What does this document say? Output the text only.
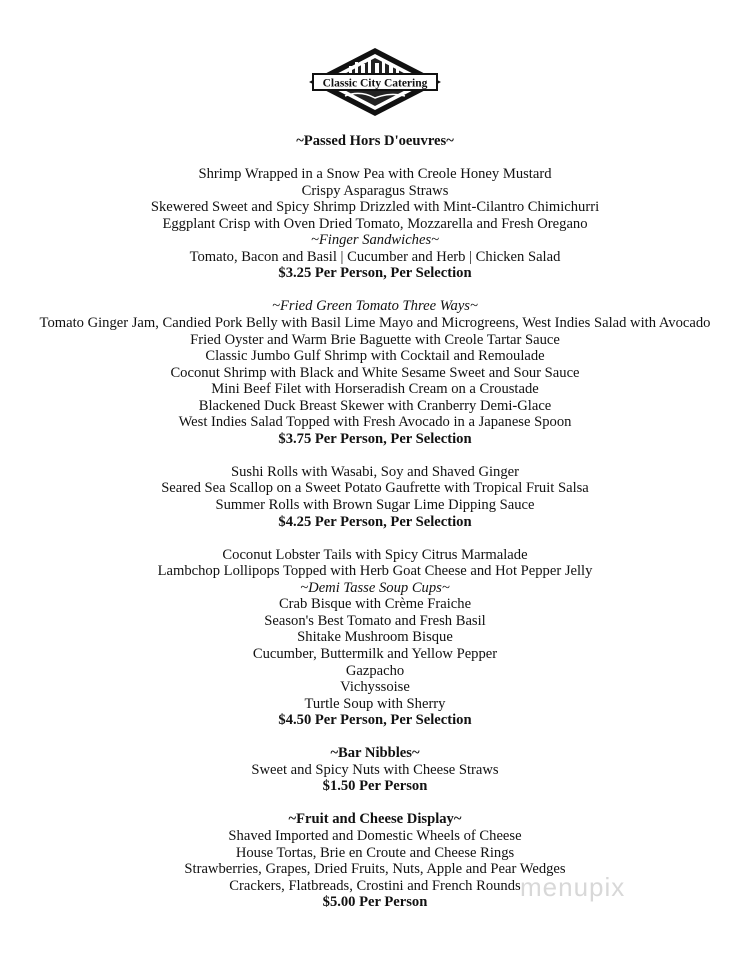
Classic City Catering
~Passed Hors D'oeuvres~
Shrimp Wrapped in a Snow Pea with Creole Honey Mustard
Crispy Asparagus Straws
Skewered Sweet and Spicy Shrimp Drizzled with Mint-Cilantro Chimichurri
Eggplant Crisp with Oven Dried Tomato, Mozzarella and Fresh Oregano
~Finger Sandwiches~
Tomato, Bacon and Basil | Cucumber and Herb | Chicken Salad
$3.25 Per Person, Per Selection
~Fried Green Tomato Three Ways~
Tomato Ginger Jam, Candied Pork Belly with Basil Lime Mayo and Microgreens, West Indies Salad with Avocado
Fried Oyster and Warm Brie Baguette with Creole Tartar Sauce
Classic Jumbo Gulf Shrimp with Cocktail and Remoulade
Coconut Shrimp with Black and White Sesame Sweet and Sour Sauce
Mini Beef Filet with Horseradish Cream on a Croustade
Blackened Duck Breast Skewer with Cranberry Demi-Glace
West Indies Salad Topped with Fresh Avocado in a Japanese Spoon
$3.75 Per Person, Per Selection
Sushi Rolls with Wasabi, Soy and Shaved Ginger
Seared Sea Scallop on a Sweet Potato Gaufrette with Tropical Fruit Salsa
Summer Rolls with Brown Sugar Lime Dipping Sauce
$4.25 Per Person, Per Selection
Coconut Lobster Tails with Spicy Citrus Marmalade
Lambchop Lollipops Topped with Herb Goat Cheese and Hot Pepper Jelly
~Demi Tasse Soup Cups~
Crab Bisque with Crème Fraiche
Season's Best Tomato and Fresh Basil
Shitake Mushroom Bisque
Cucumber, Buttermilk and Yellow Pepper
Gazpacho
Vichyssoise
Turtle Soup with Sherry
$4.50 Per Person, Per Selection
~Bar Nibbles~
Sweet and Spicy Nuts with Cheese Straws
$1.50 Per Person
~Fruit and Cheese Display~
Shaved Imported and Domestic Wheels of Cheese
House Tortas, Brie en Croute and Cheese Rings
Strawberries, Grapes, Dried Fruits, Nuts, Apple and Pear Wedges
Crackers, Flatbreads, Crostini and French Rounds
$5.00 Per Person
menupix
